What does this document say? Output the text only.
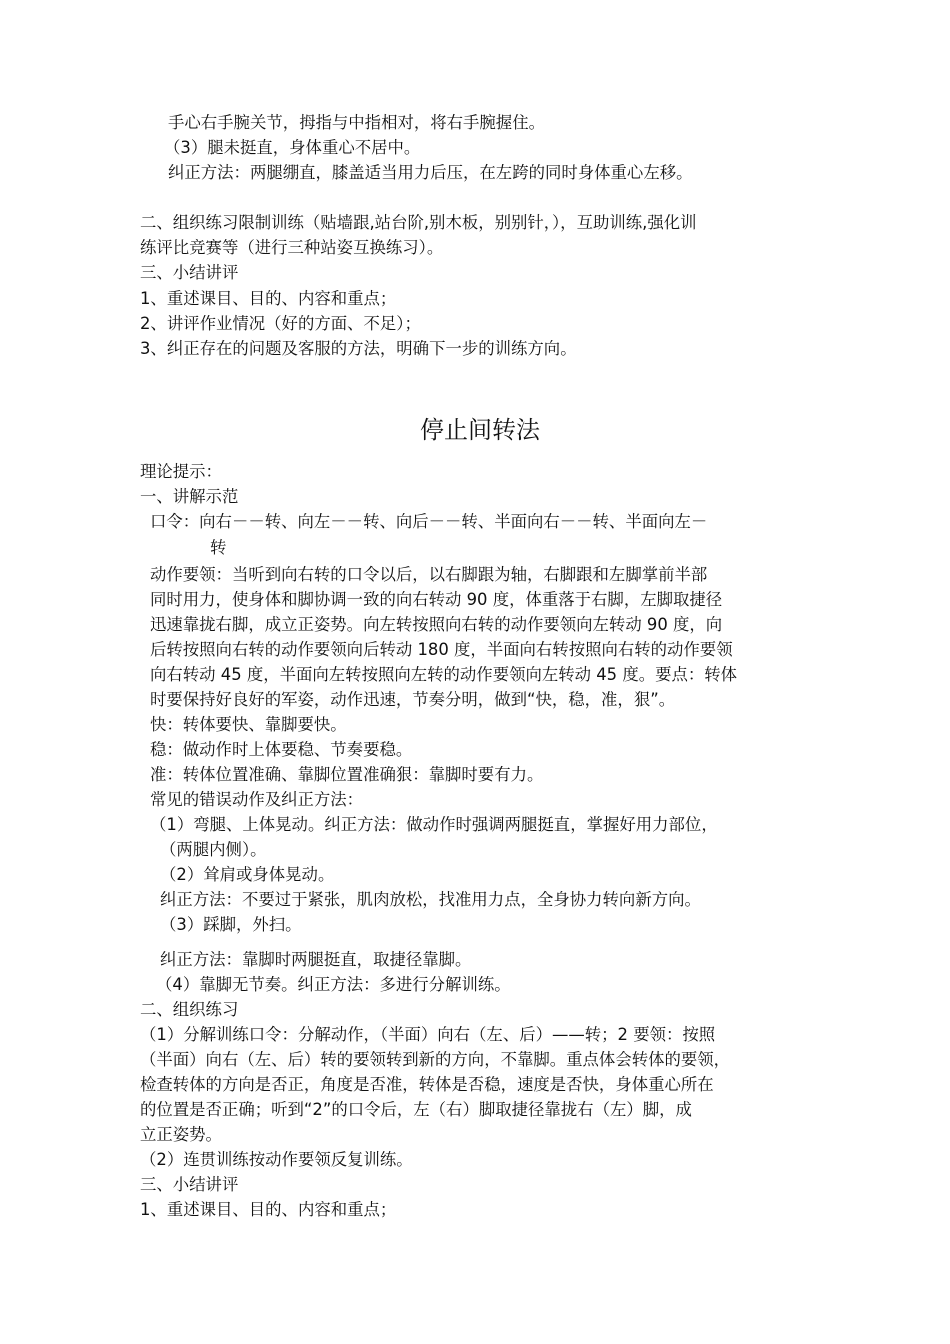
手心右手腕关节，拇指与中指相对，将右手腕握住。
（3）腿未挺直，身体重心不居中。
纠正方法：两腿绷直，膝盖适当用力后压，在左跨的同时身体重心左移。
二、组织练习限制训练（贴墙跟,站台阶,别木板，别别针，），互助训练,强化训
练评比竞赛等（进行三种站姿互换练习）。
三、小结讲评
1、重述课目、目的、内容和重点；
2、讲评作业情况（好的方面、不足）；
3、纠正存在的问题及客服的方法，明确下一步的训练方向。
停止间转法
理论提示：
一、讲解示范
口令：向右－－转、向左－－转、向后－－转、半面向右－－转、半面向左－
转
动作要领：当听到向右转的口令以后，以右脚跟为轴，右脚跟和左脚掌前半部
同时用力，使身体和脚协调一致的向右转动 90 度，体重落于右脚，左脚取捷径
迅速靠拢右脚，成立正姿势。向左转按照向右转的动作要领向左转动 90 度，向
后转按照向右转的动作要领向后转动 180 度，半面向右转按照向右转的动作要领
向右转动 45 度，半面向左转按照向左转的动作要领向左转动 45 度。要点：转体
时要保持好良好的军姿，动作迅速，节奏分明，做到“快，稳，准，狠”。
快：转体要快、靠脚要快。
稳：做动作时上体要稳、节奏要稳。
准：转体位置准确、靠脚位置准确狠：靠脚时要有力。
常见的错误动作及纠正方法：
（1）弯腿、上体晃动。纠正方法：做动作时强调两腿挺直，掌握好用力部位，
（两腿内侧）。
（2）耸肩或身体晃动。
纠正方法：不要过于紧张，肌肉放松，找准用力点，全身协力转向新方向。
（3）踩脚，外扫。
纠正方法：靠脚时两腿挺直，取捷径靠脚。
（4）靠脚无节奏。纠正方法：多进行分解训练。
二、组织练习
（1）分解训练口令：分解动作，（半面）向右（左、后）——转；2 要领：按照
（半面）向右（左、后）转的要领转到新的方向，不靠脚。重点体会转体的要领，
检查转体的方向是否正，角度是否准，转体是否稳，速度是否快，身体重心所在
的位置是否正确；听到“2”的口令后，左（右）脚取捷径靠拢右（左）脚，成
立正姿势。
（2）连贯训练按动作要领反复训练。
三、小结讲评
1、重述课目、目的、内容和重点；
